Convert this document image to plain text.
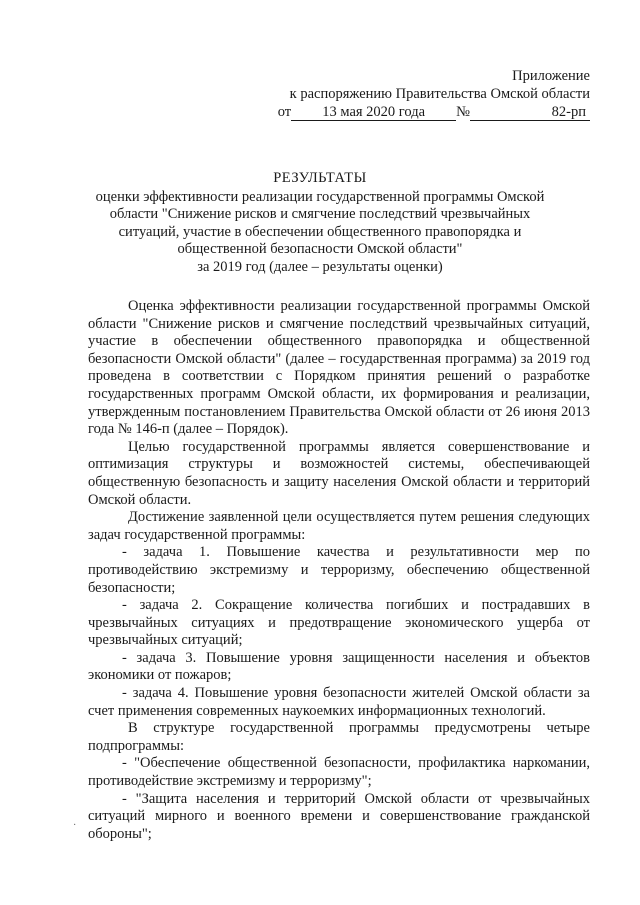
Приложение
к распоряжению Правительства Омской области
от	13 мая 2020 года	№	82-рп
РЕЗУЛЬТАТЫ
оценки эффективности реализации государственной программы Омской
области "Снижение рисков и смягчение последствий чрезвычайных
ситуаций, участие в обеспечении общественного правопорядка и
общественной безопасности Омской области"
за 2019 год (далее – результаты оценки)

Оценка эффективности реализации государственной программы Омской области "Снижение рисков и смягчение последствий чрезвычайных ситуаций, участие в обеспечении общественного правопорядка и общественной безопасности Омской области" (далее – государственная программа) за 2019 год проведена в соответствии с Порядком принятия решений о разработке государственных программ Омской области, их формирования и реализации, утвержденным постановлением Правительства Омской области от 26 июня 2013 года № 146-п (далее – Порядок).

Целью государственной программы является совершенствование и оптимизация структуры и возможностей системы, обеспечивающей общественную безопасность и защиту населения Омской области и территорий Омской области.

Достижение заявленной цели осуществляется путем решения следующих задач государственной программы:

- задача 1. Повышение качества и результативности мер по противодействию экстремизму и терроризму, обеспечению общественной безопасности;

- задача 2. Сокращение количества погибших и пострадавших в чрезвычайных ситуациях и предотвращение экономического ущерба от чрезвычайных ситуаций;

- задача 3. Повышение уровня защищенности населения и объектов экономики от пожаров;

- задача 4. Повышение уровня безопасности жителей Омской области за счет применения современных наукоемких информационных технологий.

В структуре государственной программы предусмотрены четыре подпрограммы:

- "Обеспечение общественной безопасности, профилактика наркомании, противодействие экстремизму и терроризму";

- "Защита населения и территорий Омской области от чрезвычайных ситуаций мирного и военного времени и совершенствование гражданской обороны";

·
